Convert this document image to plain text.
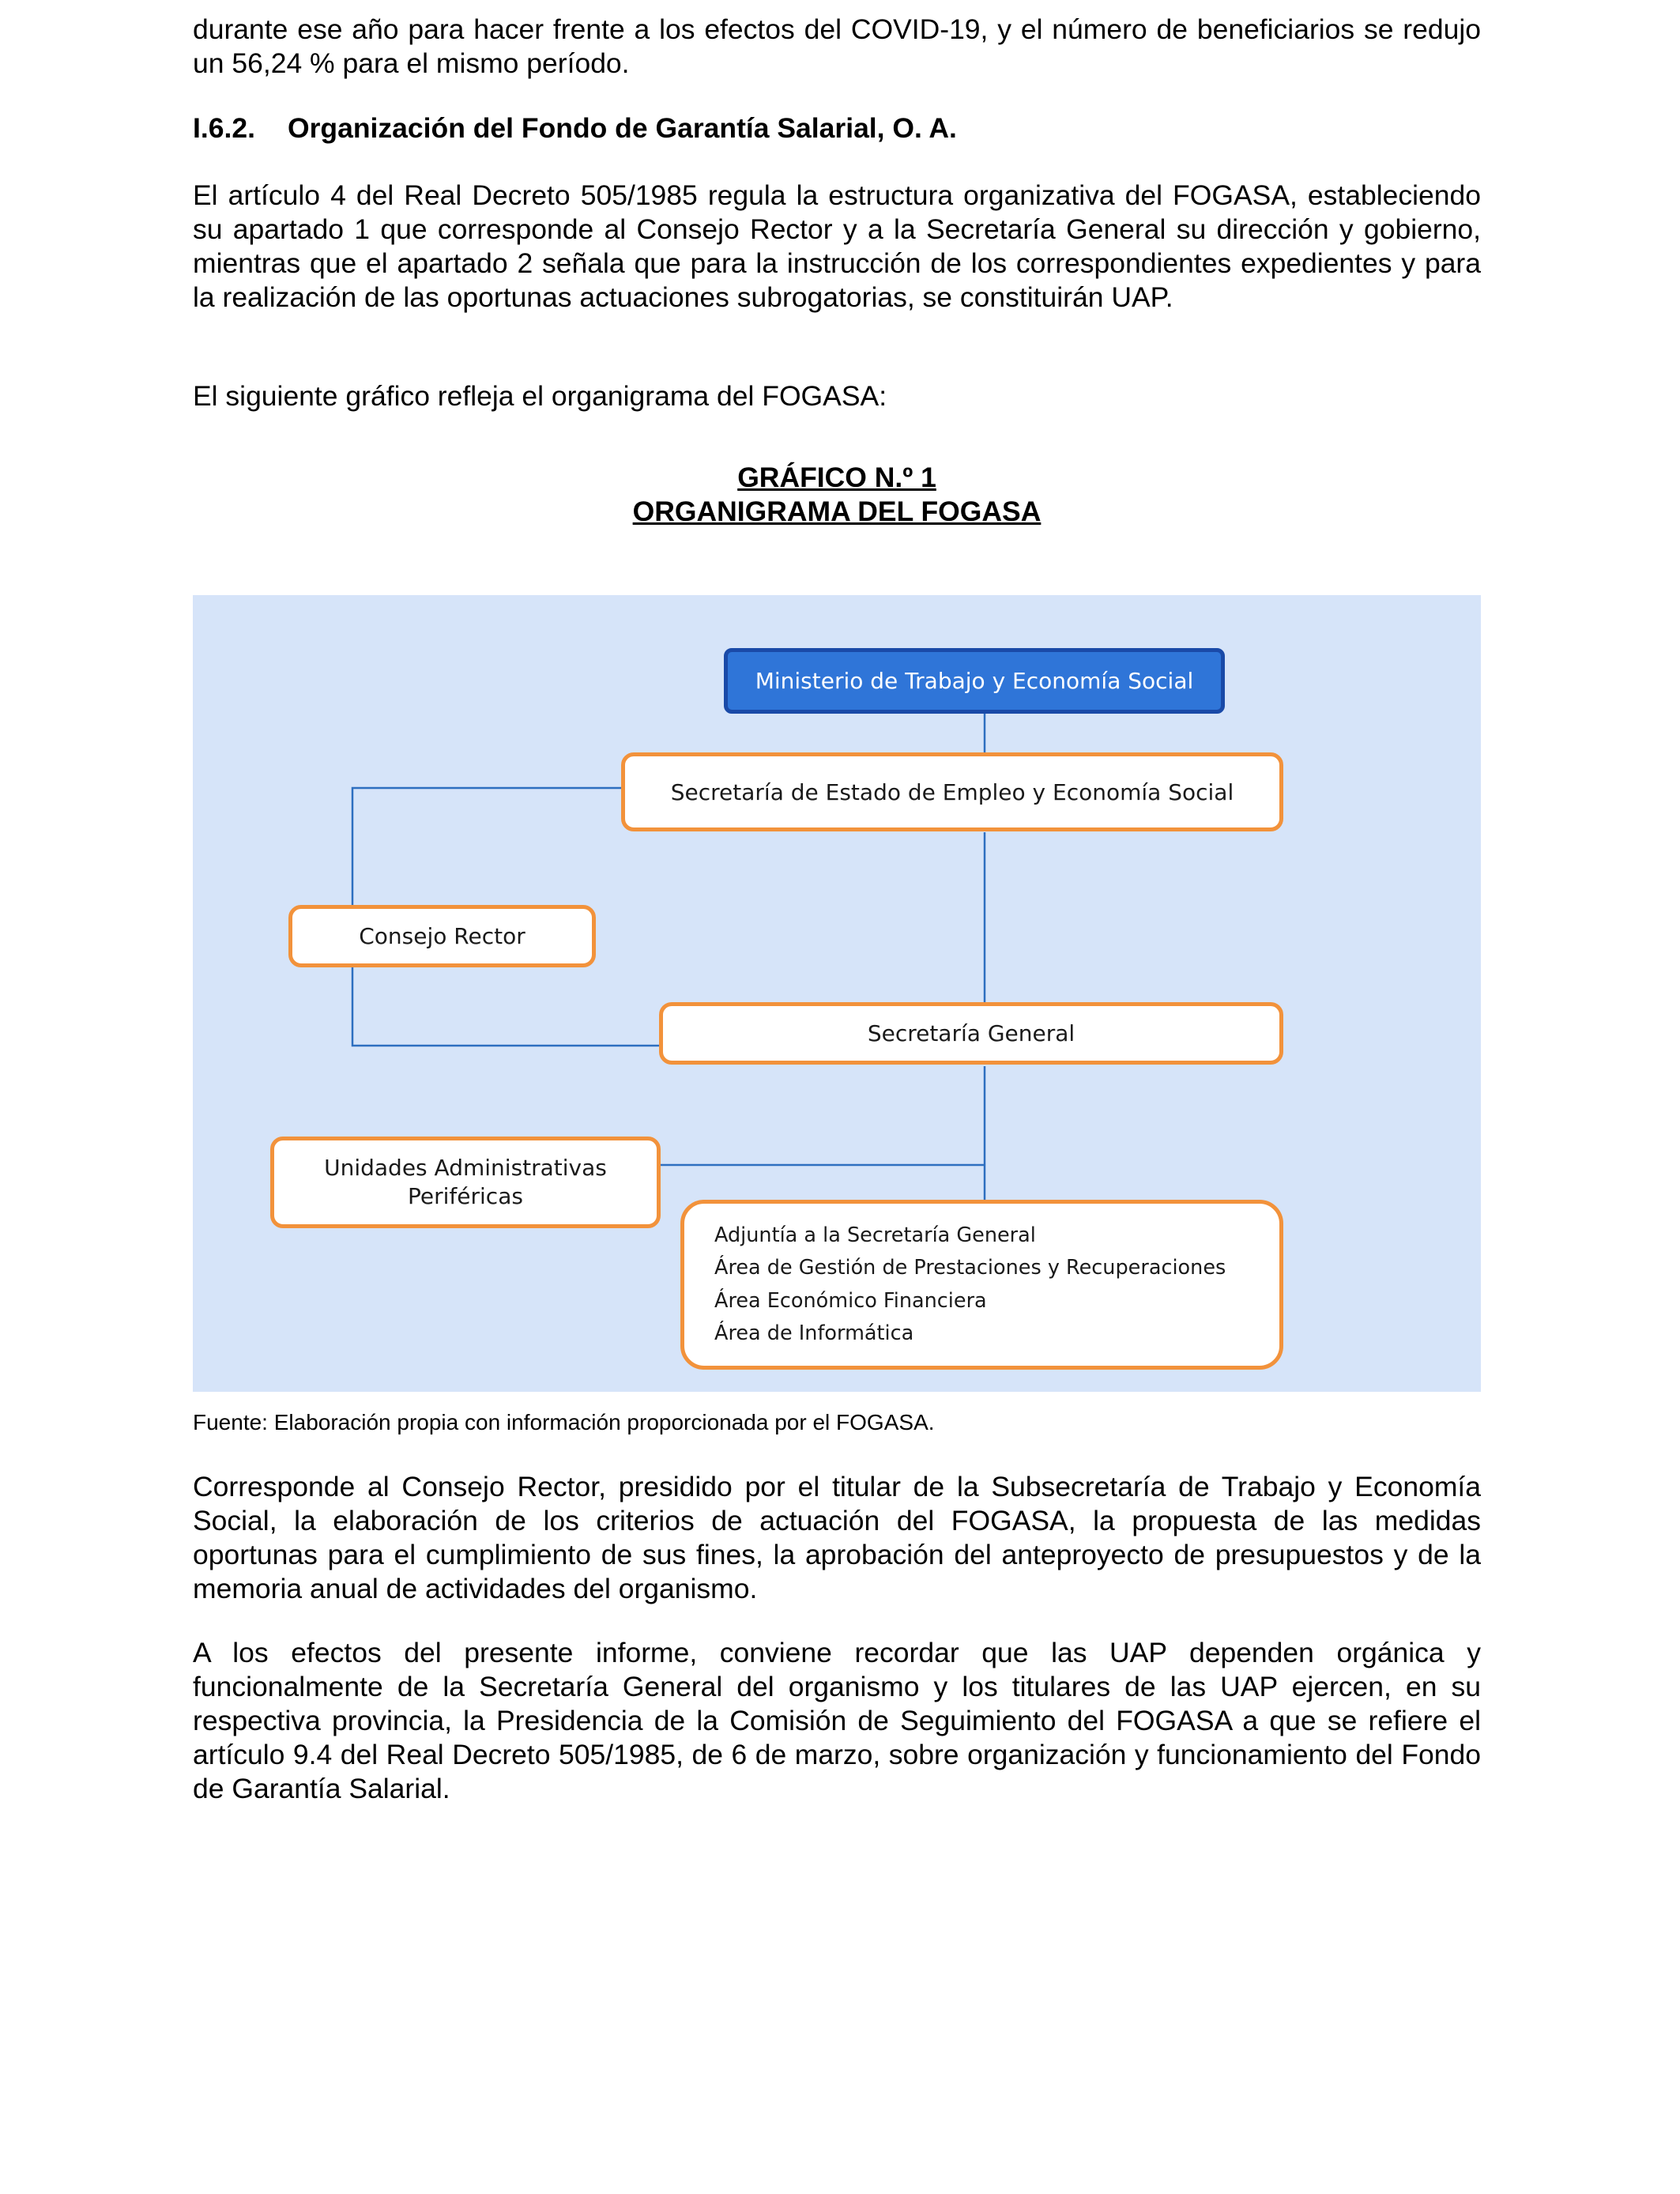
durante ese año para hacer frente a los efectos del COVID-19, y el número de beneficiarios se redujo un 56,24 % para el mismo período.

I.6.2. Organización del Fondo de Garantía Salarial, O. A.

El artículo 4 del Real Decreto 505/1985 regula la estructura organizativa del FOGASA, estableciendo su apartado 1 que corresponde al Consejo Rector y a la Secretaría General su dirección y gobierno, mientras que el apartado 2 señala que para la instrucción de los correspondientes expedientes y para la realización de las oportunas actuaciones subrogatorias, se constituirán UAP.

El siguiente gráfico refleja el organigrama del FOGASA:

GRÁFICO N.º 1
ORGANIGRAMA DEL FOGASA
Ministerio de Trabajo y Economía Social
Secretaría de Estado de Empleo y Economía Social
Consejo Rector
Secretaría General
Unidades Administrativas
Periféricas
Adjuntía a la Secretaría General
Área de Gestión de Prestaciones y Recuperaciones
Área Económico Financiera
Área de Informática

Fuente: Elaboración propia con información proporcionada por el FOGASA.

Corresponde al Consejo Rector, presidido por el titular de la Subsecretaría de Trabajo y Economía Social, la elaboración de los criterios de actuación del FOGASA, la propuesta de las medidas oportunas para el cumplimiento de sus fines, la aprobación del anteproyecto de presupuestos y de la memoria anual de actividades del organismo.

A los efectos del presente informe, conviene recordar que las UAP dependen orgánica y funcionalmente de la Secretaría General del organismo y los titulares de las UAP ejercen, en su respectiva provincia, la Presidencia de la Comisión de Seguimiento del FOGASA a que se refiere el artículo 9.4 del Real Decreto 505/1985, de 6 de marzo, sobre organización y funcionamiento del Fondo de Garantía Salarial.
